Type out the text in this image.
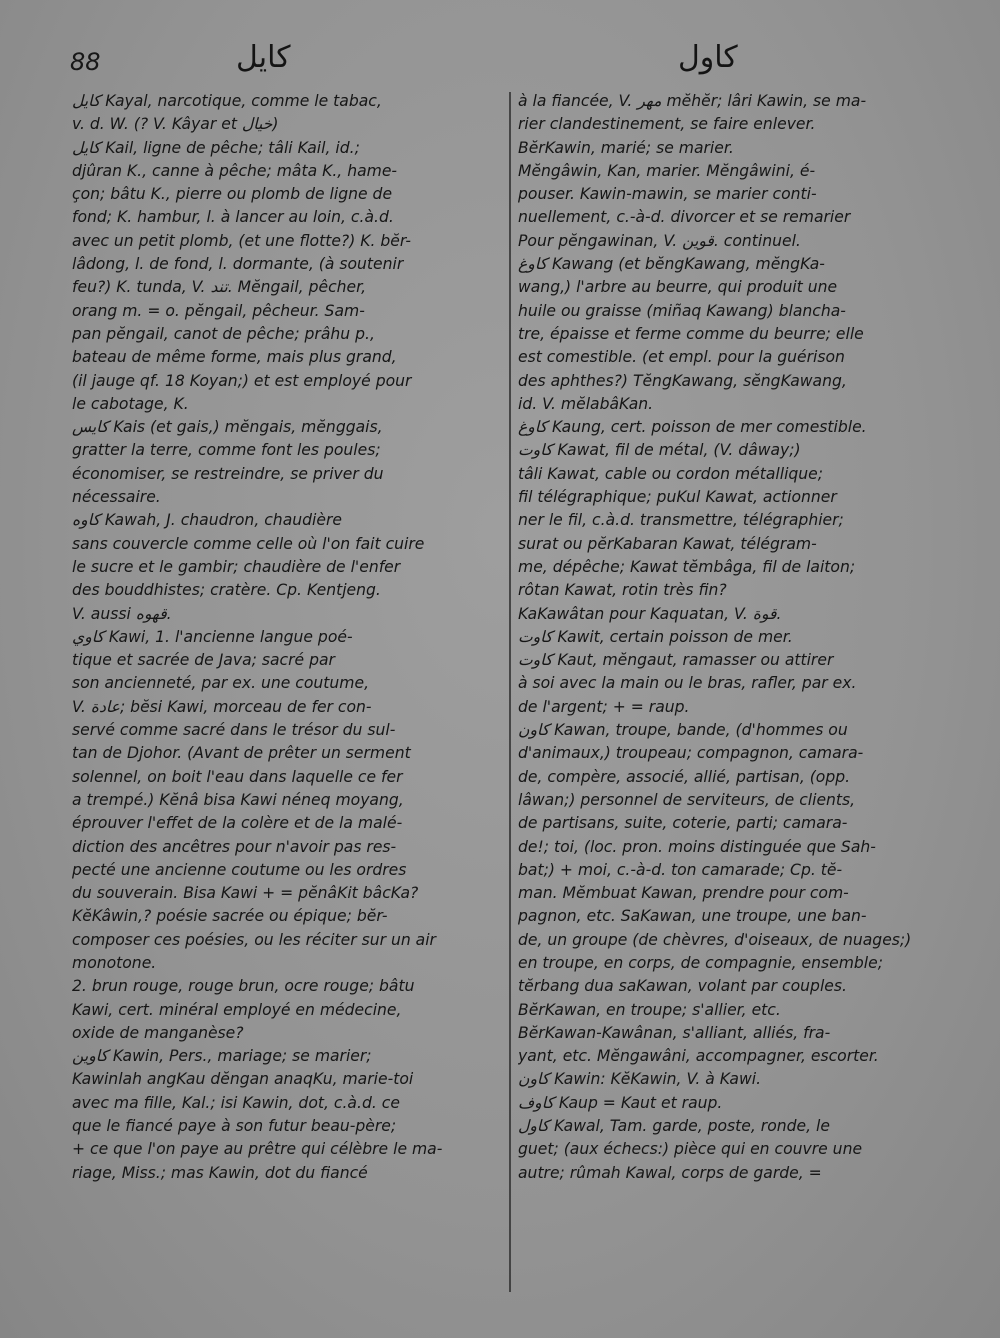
88	كايل	كاول
كايل Kayal, narcotique, comme le tabac,
v. d. W. (? V. Kâyar et خيال)
كايل Kail, ligne de pêche; tâli Kail, id.;
djûran K., canne à pêche; mâta K., hame-
çon; bâtu K., pierre ou plomb de ligne de
fond; K. hambur, l. à lancer au loin, c.à.d.
avec un petit plomb, (et une flotte?) K. bĕr-
lâdong, l. de fond, l. dormante, (à soutenir
feu?) K. tunda, V. تند. Mĕngail, pêcher,
orang m. = o. pĕngail, pêcheur. Sam-
pan pĕngail, canot de pêche; prâhu p.,
bateau de même forme, mais plus grand,
(il jauge qf. 18 Koyan;) et est employé pour
le cabotage, K.
كايس Kais (et gais,) mĕngais, mĕnggais,
gratter la terre, comme font les poules;
économiser, se restreindre, se priver du
nécessaire.
كاوه Kawah, J. chaudron, chaudière
sans couvercle comme celle où l'on fait cuire
le sucre et le gambir; chaudière de l'enfer
des bouddhistes; cratère. Cp. Kentjeng.
V. aussi قهوه.
كاوي Kawi, 1. l'ancienne langue poé-
tique et sacrée de Java; sacré par
son ancienneté, par ex. une coutume,
V. عادة; bĕsi Kawi, morceau de fer con-
servé comme sacré dans le trésor du sul-
tan de Djohor. (Avant de prêter un serment
solennel, on boit l'eau dans laquelle ce fer
a trempé.) Kĕnâ bisa Kawi néneq moyang,
éprouver l'effet de la colère et de la malé-
diction des ancêtres pour n'avoir pas res-
pecté une ancienne coutume ou les ordres
du souverain. Bisa Kawi + = pĕnâKit bâcKa?
KĕKâwin,? poésie sacrée ou épique; bĕr-
composer ces poésies, ou les réciter sur un air
monotone.
2. brun rouge, rouge brun, ocre rouge; bâtu
Kawi, cert. minéral employé en médecine,
oxide de manganèse?
كاوين Kawin, Pers., mariage; se marier;
Kawinlah angKau dĕngan anaqKu, marie-toi
avec ma fille, Kal.; isi Kawin, dot, c.à.d. ce
que le fiancé paye à son futur beau-père;
+ ce que l'on paye au prêtre qui célèbre le ma-
riage, Miss.; mas Kawin, dot du fiancé
à la fiancée, V. مهر mĕhĕr; lâri Kawin, se ma-
rier clandestinement, se faire enlever.
BĕrKawin, marié; se marier.
Mĕngâwin, Kan, marier. Mĕngâwini, é-
pouser. Kawin-mawin, se marier conti-
nuellement, c.-à-d. divorcer et se remarier
Pour pĕngawinan, V. قوين. continuel.
كاوغ Kawang (et bĕngKawang, mĕngKa-
wang,) l'arbre au beurre, qui produit une
huile ou graisse (miñaq Kawang) blancha-
tre, épaisse et ferme comme du beurre; elle
est comestible. (et empl. pour la guérison
des aphthes?) TĕngKawang, sĕngKawang,
id. V. mĕlabâKan.
كاوغ Kaung, cert. poisson de mer comestible.
كاوت Kawat, fil de métal, (V. dâway;)
tâli Kawat, cable ou cordon métallique;
fil télégraphique; puKul Kawat, actionner
ner le fil, c.à.d. transmettre, télégraphier;
surat ou pĕrKabaran Kawat, télégram-
me, dépêche; Kawat tĕmbâga, fil de laiton;
rôtan Kawat, rotin très fin?
KaKawâtan pour Kaquatan, V. قوة.
كاوت Kawit, certain poisson de mer.
كاوت Kaut, mĕngaut, ramasser ou attirer
à soi avec la main ou le bras, rafler, par ex.
de l'argent; + = raup.
كاون Kawan, troupe, bande, (d'hommes ou
d'animaux,) troupeau; compagnon, camara-
de, compère, associé, allié, partisan, (opp.
lâwan;) personnel de serviteurs, de clients,
de partisans, suite, coterie, parti; camara-
de!; toi, (loc. pron. moins distinguée que Sah-
bat;) + moi, c.-à-d. ton camarade; Cp. tĕ-
man. Mĕmbuat Kawan, prendre pour com-
pagnon, etc. SaKawan, une troupe, une ban-
de, un groupe (de chèvres, d'oiseaux, de nuages;)
en troupe, en corps, de compagnie, ensemble;
tĕrbang dua saKawan, volant par couples.
BĕrKawan, en troupe; s'allier, etc.
BĕrKawan-Kawânan, s'alliant, alliés, fra-
yant, etc. Mĕngawâni, accompagner, escorter.
كاون Kawin: KĕKawin, V. à Kawi.
كاوف Kaup = Kaut et raup.
كاول Kawal, Tam. garde, poste, ronde, le
guet; (aux échecs:) pièce qui en couvre une
autre; rûmah Kawal, corps de garde, =
